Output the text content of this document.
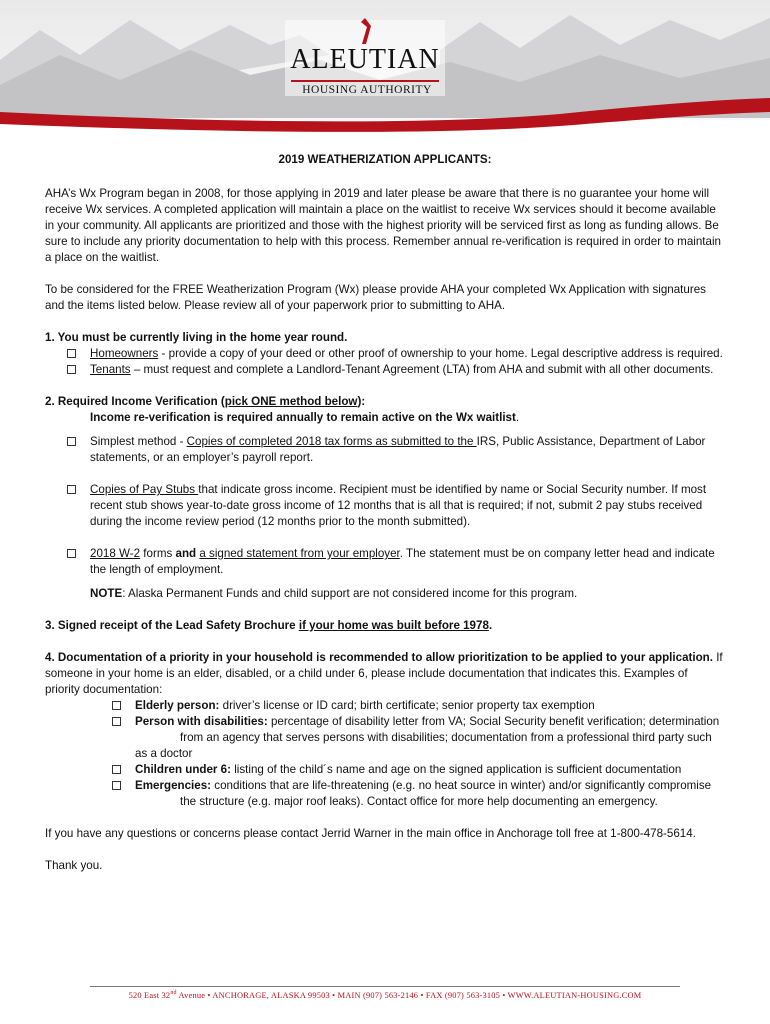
ALEUTIAN
HOUSING AUTHORITY

2019 WEATHERIZATION APPLICANTS:

AHA’s Wx Program began in 2008, for those applying in 2019 and later please be aware that there is no guarantee your home will receive Wx services. A completed application will maintain a place on the waitlist to receive Wx services should it become available in your community. All applicants are prioritized and those with the highest priority will be serviced first as long as funding allows. Be sure to include any priority documentation to help with this process. Remember annual re-verification is required in order to maintain a place on the waitlist.

To be considered for the FREE Weatherization Program (Wx) please provide AHA your completed Wx Application with signatures and the items listed below. Please review all of your paperwork prior to submitting to AHA.

1. You must be currently living in the home year round.

Homeowners - provide a copy of your deed or other proof of ownership to your home. Legal descriptive address is required.
Tenants – must request and complete a Landlord-Tenant Agreement (LTA) from AHA and submit with all other documents.

2. Required Income Verification (pick ONE method below):

Income re-verification is required annually to remain active on the Wx waitlist.

Simplest method - Copies of completed 2018 tax forms as submitted to the IRS, Public Assistance, Department of Labor statements, or an employer’s payroll report.
Copies of Pay Stubs that indicate gross income. Recipient must be identified by name or Social Security number. If most recent stub shows year-to-date gross income of 12 months that is all that is required; if not, submit 2 pay stubs received during the income review period (12 months prior to the month submitted).
2018 W-2 forms and a signed statement from your employer. The statement must be on company letter head and indicate the length of employment.

NOTE: Alaska Permanent Funds and child support are not considered income for this program.

3. Signed receipt of the Lead Safety Brochure if your home was built before 1978.

4. Documentation of a priority in your household is recommended to allow prioritization to be applied to your application. If someone in your home is an elder, disabled, or a child under 6, please include documentation that indicates this. Examples of priority documentation:

Elderly person: driver’s license or ID card; birth certificate; senior property tax exemption
Person with disabilities: percentage of disability letter from VA; Social Security benefit verification; determination

from an agency that serves persons with disabilities; documentation from a professional third party such

as a doctor

Children under 6: listing of the child´s name and age on the signed application is sufficient documentation
Emergencies: conditions that are life-threatening (e.g. no heat source in winter) and/or significantly compromise

the structure (e.g. major roof leaks). Contact office for more help documenting an emergency.

If you have any questions or concerns please contact Jerrid Warner in the main office in Anchorage toll free at 1-800-478-5614.

Thank you.

520 East 32nd Avenue • ANCHORAGE, ALASKA 99503 • MAIN (907) 563-2146 • FAX (907) 563-3105 • WWW.ALEUTIAN-HOUSING.COM
